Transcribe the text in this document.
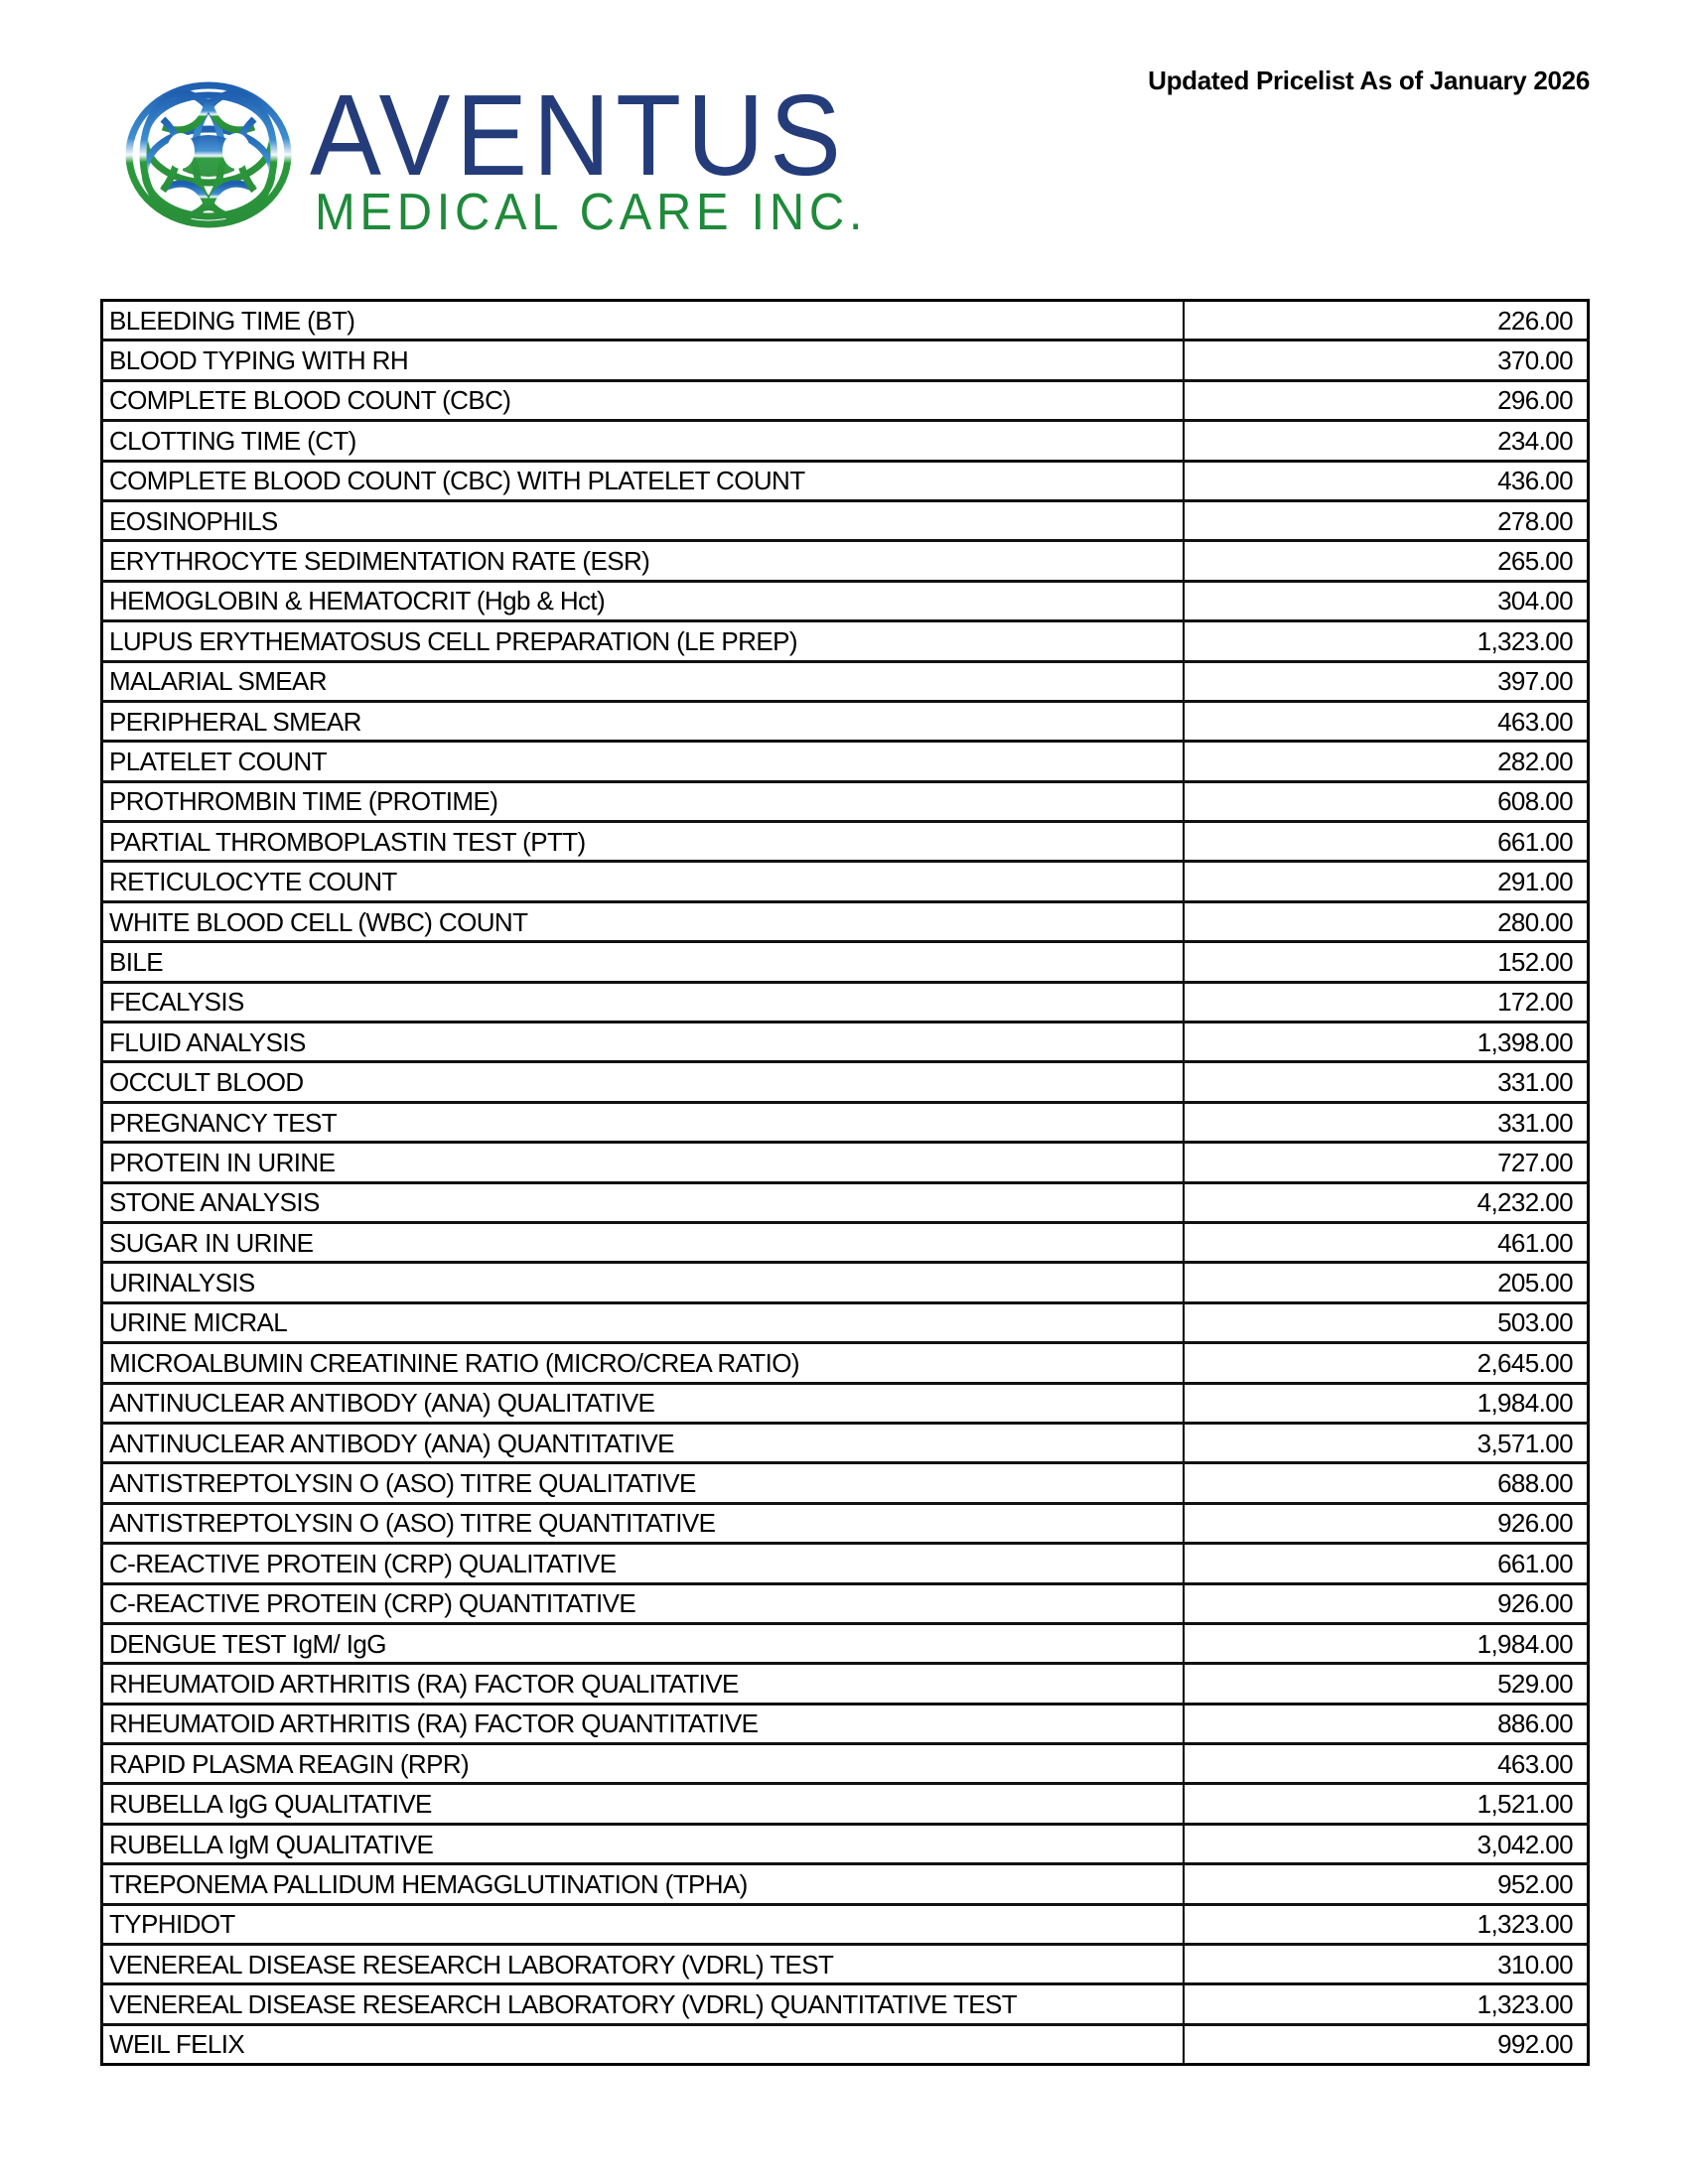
AVENTUS
MEDICAL CARE INC.
Updated Pricelist As of January 2026
BLEEDING TIME (BT)	226.00
BLOOD TYPING WITH RH	370.00
COMPLETE BLOOD COUNT (CBC)	296.00
CLOTTING TIME (CT)	234.00
COMPLETE BLOOD COUNT (CBC) WITH PLATELET COUNT	436.00
EOSINOPHILS	278.00
ERYTHROCYTE SEDIMENTATION RATE (ESR)	265.00
HEMOGLOBIN & HEMATOCRIT (Hgb & Hct)	304.00
LUPUS ERYTHEMATOSUS CELL PREPARATION (LE PREP)	1,323.00
MALARIAL SMEAR	397.00
PERIPHERAL SMEAR	463.00
PLATELET COUNT	282.00
PROTHROMBIN TIME (PROTIME)	608.00
PARTIAL THROMBOPLASTIN TEST (PTT)	661.00
RETICULOCYTE COUNT	291.00
WHITE BLOOD CELL (WBC) COUNT	280.00
BILE	152.00
FECALYSIS	172.00
FLUID ANALYSIS	1,398.00
OCCULT BLOOD	331.00
PREGNANCY TEST	331.00
PROTEIN IN URINE	727.00
STONE ANALYSIS	4,232.00
SUGAR IN URINE	461.00
URINALYSIS	205.00
URINE MICRAL	503.00
MICROALBUMIN CREATININE RATIO (MICRO/CREA RATIO)	2,645.00
ANTINUCLEAR ANTIBODY (ANA) QUALITATIVE	1,984.00
ANTINUCLEAR ANTIBODY (ANA) QUANTITATIVE	3,571.00
ANTISTREPTOLYSIN O (ASO) TITRE QUALITATIVE	688.00
ANTISTREPTOLYSIN O (ASO) TITRE QUANTITATIVE	926.00
C-REACTIVE PROTEIN (CRP) QUALITATIVE	661.00
C-REACTIVE PROTEIN (CRP) QUANTITATIVE	926.00
DENGUE TEST IgM/ IgG	1,984.00
RHEUMATOID ARTHRITIS (RA) FACTOR QUALITATIVE	529.00
RHEUMATOID ARTHRITIS (RA) FACTOR QUANTITATIVE	886.00
RAPID PLASMA REAGIN (RPR)	463.00
RUBELLA IgG QUALITATIVE	1,521.00
RUBELLA IgM QUALITATIVE	3,042.00
TREPONEMA PALLIDUM HEMAGGLUTINATION (TPHA)	952.00
TYPHIDOT	1,323.00
VENEREAL DISEASE RESEARCH LABORATORY (VDRL) TEST	310.00
VENEREAL DISEASE RESEARCH LABORATORY (VDRL) QUANTITATIVE TEST	1,323.00
WEIL FELIX	992.00
